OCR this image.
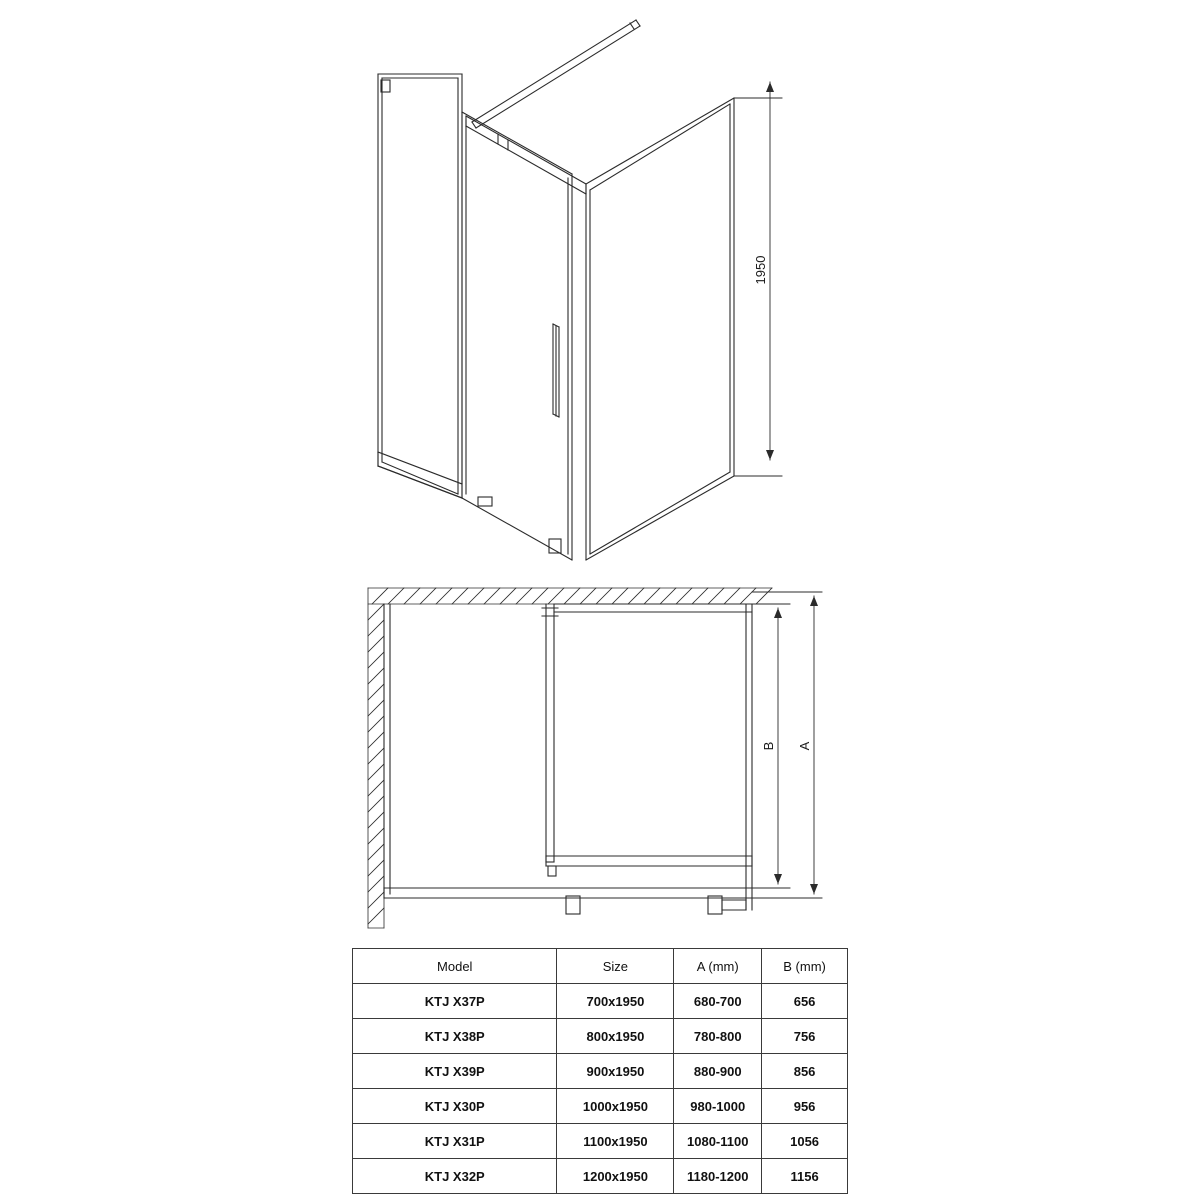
1950
B A
Model	Size	A (mm)	B (mm)
KTJ X37P	700x1950	680-700	656
KTJ X38P	800x1950	780-800	756
KTJ X39P	900x1950	880-900	856
KTJ X30P	1000x1950	980-1000	956
KTJ X31P	1100x1950	1080-1100	1056
KTJ X32P	1200x1950	1180-1200	1156
